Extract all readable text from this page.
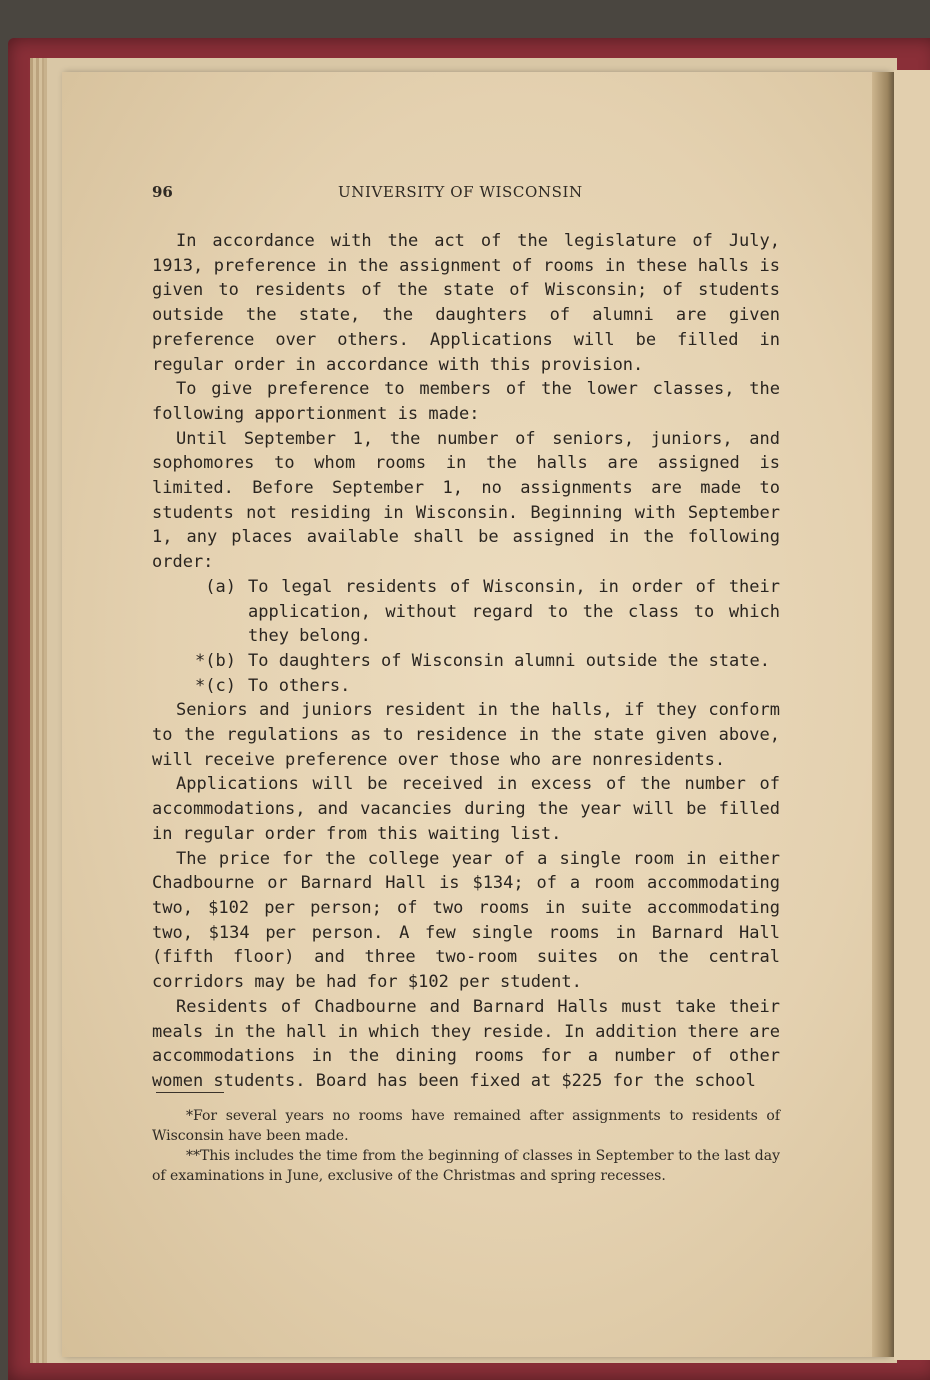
96	UNIVERSITY OF WISCONSIN

In accordance with the act of the legislature of July, 1913, preference in the assignment of rooms in these halls is given to residents of the state of Wisconsin; of students outside the state, the daughters of alumni are given preference over others. Applications will be filled in regular order in accordance with this provision.

To give preference to members of the lower classes, the following apportionment is made:

Until September 1, the number of seniors, juniors, and sophomores to whom rooms in the halls are assigned is limited. Before September 1, no assignments are made to students not residing in Wisconsin. Beginning with September 1, any places available shall be assigned in the following order:

(a) To legal residents of Wisconsin, in order of their application, without regard to the class to which they belong.
*(b) To daughters of Wisconsin alumni outside the state.
*(c) To others.

Seniors and juniors resident in the halls, if they conform to the regulations as to residence in the state given above, will receive preference over those who are nonresidents.

Applications will be received in excess of the number of accommodations, and vacancies during the year will be filled in regular order from this waiting list.

The price for the college year of a single room in either Chadbourne or Barnard Hall is $134; of a room accommodating two, $102 per person; of two rooms in suite accommodating two, $134 per person. A few single rooms in Barnard Hall (fifth floor) and three two-room suites on the central corridors may be had for $102 per student.

Residents of Chadbourne and Barnard Halls must take their meals in the hall in which they reside. In addition there are accommodations in the dining rooms for a number of other women students. Board has been fixed at $225 for the school

*For several years no rooms have remained after assignments to residents of Wisconsin have been made.

**This includes the time from the beginning of classes in September to the last day of examinations in June, exclusive of the Christmas and spring recesses.
